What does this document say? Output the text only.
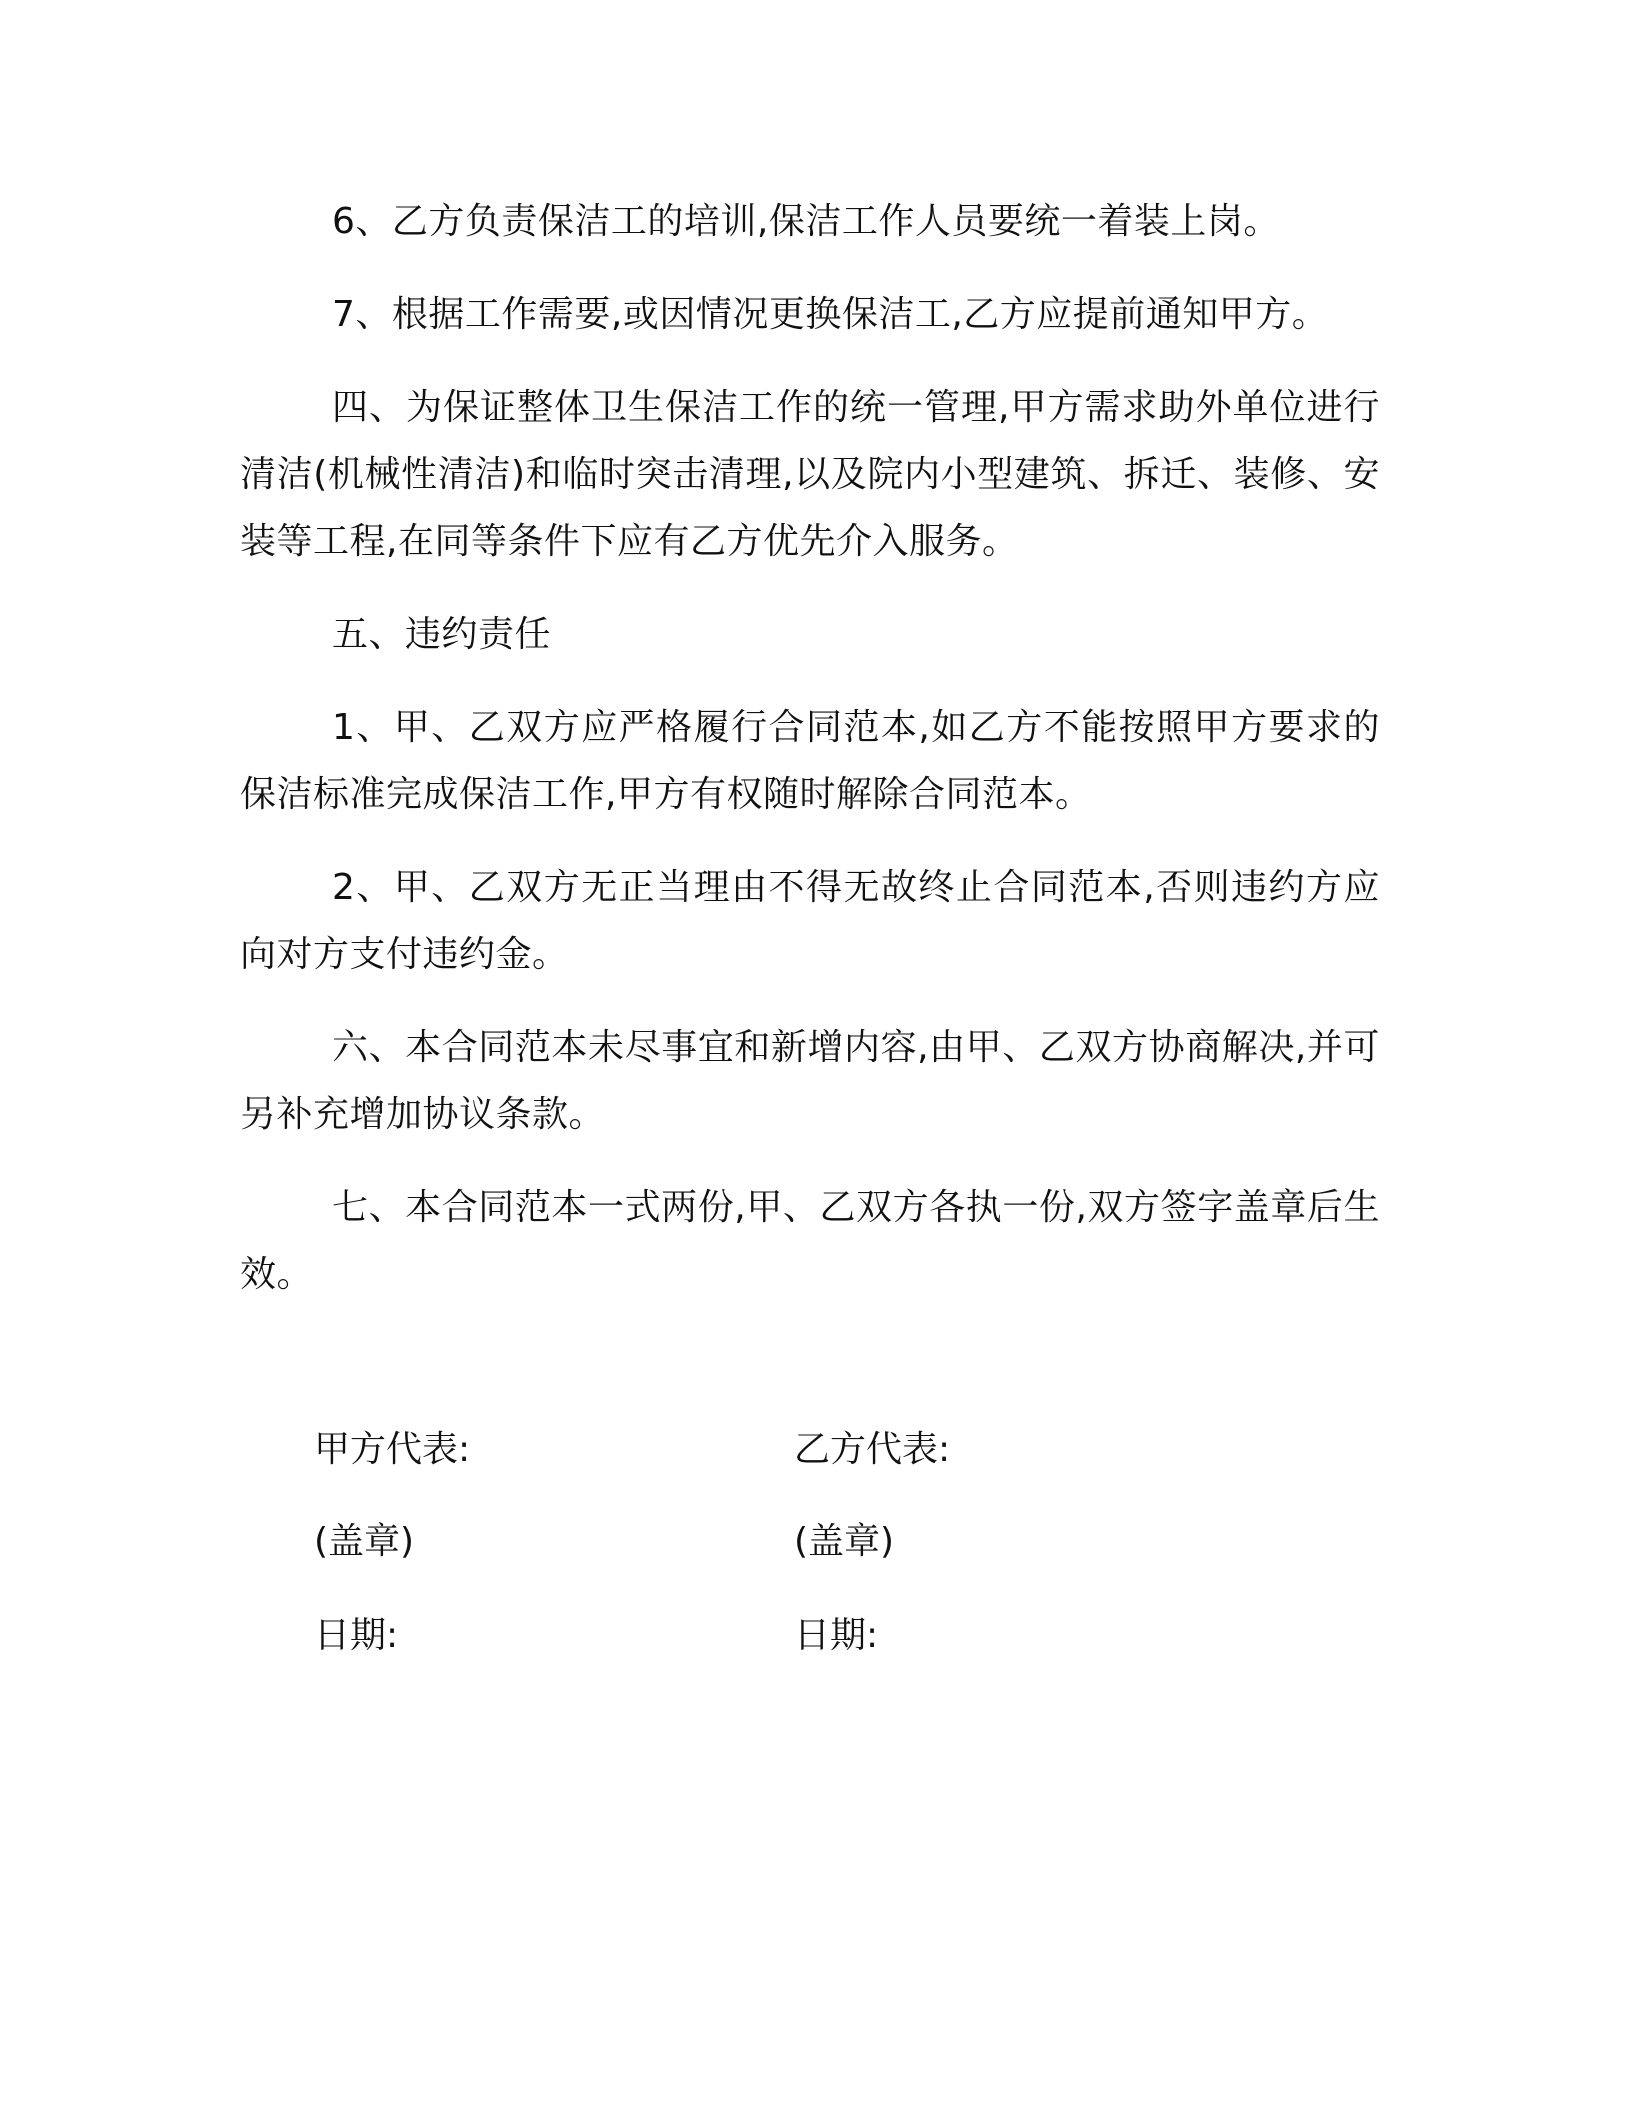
6、乙方负责保洁工的培训,保洁工作人员要统一着装上岗。

7、根据工作需要,或因情况更换保洁工,乙方应提前通知甲方。

四、为保证整体卫生保洁工作的统一管理,甲方需求助外单位进行清洁(机械性清洁)和临时突击清理,以及院内小型建筑、拆迁、装修、安装等工程,在同等条件下应有乙方优先介入服务。

五、违约责任

1、甲、乙双方应严格履行合同范本,如乙方不能按照甲方要求的保洁标准完成保洁工作,甲方有权随时解除合同范本。

2、甲、乙双方无正当理由不得无故终止合同范本,否则违约方应向对方支付违约金。

六、本合同范本未尽事宜和新增内容,由甲、乙双方协商解决,并可另补充增加协议条款。

七、本合同范本一式两份,甲、乙双方各执一份,双方签字盖章后生效。

甲方代表:	乙方代表:
(盖章)	(盖章)
日期:	日期:
